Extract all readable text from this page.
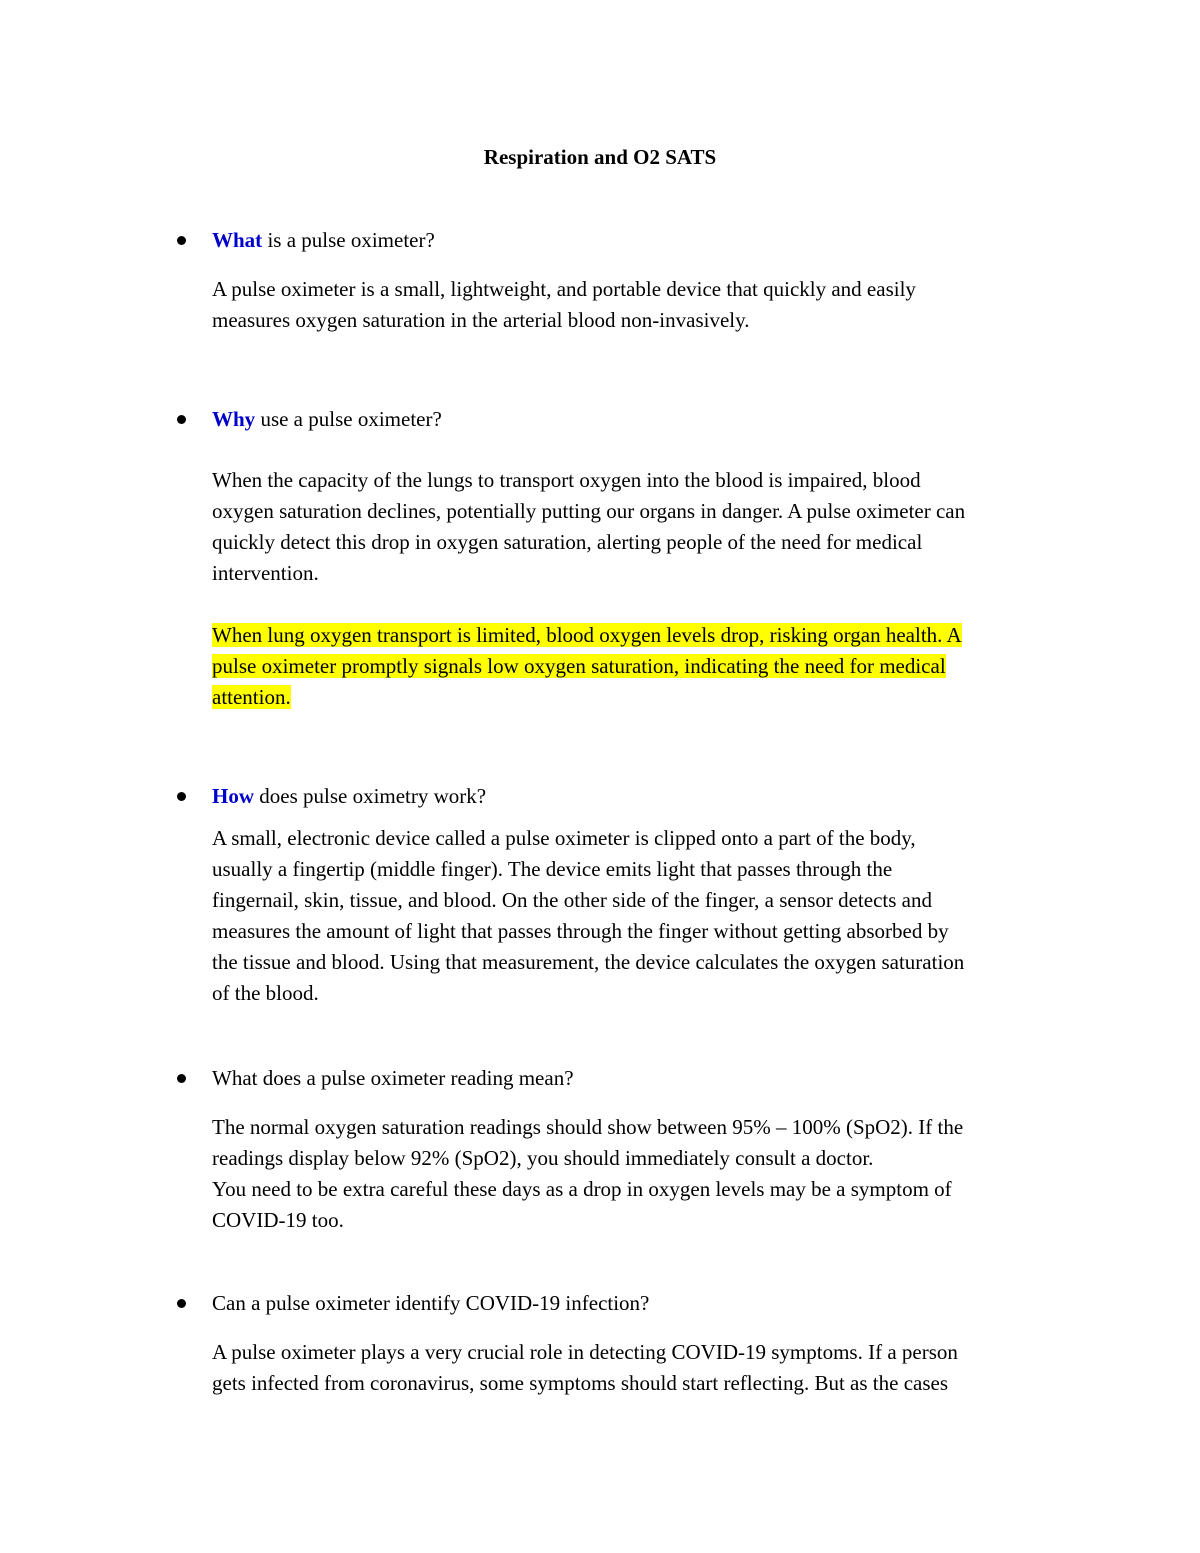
Respiration and O2 SATS
What is a pulse oximeter?
A pulse oximeter is a small, lightweight, and portable device that quickly and easily
measures oxygen saturation in the arterial blood non-invasively.
Why use a pulse oximeter?
When the capacity of the lungs to transport oxygen into the blood is impaired, blood
oxygen saturation declines, potentially putting our organs in danger. A pulse oximeter can
quickly detect this drop in oxygen saturation, alerting people of the need for medical
intervention.
When lung oxygen transport is limited, blood oxygen levels drop, risking organ health. A
pulse oximeter promptly signals low oxygen saturation, indicating the need for medical
attention.
How does pulse oximetry work?
A small, electronic device called a pulse oximeter is clipped onto a part of the body,
usually a fingertip (middle finger). The device emits light that passes through the
fingernail, skin, tissue, and blood. On the other side of the finger, a sensor detects and
measures the amount of light that passes through the finger without getting absorbed by
the tissue and blood. Using that measurement, the device calculates the oxygen saturation
of the blood.
What does a pulse oximeter reading mean?
The normal oxygen saturation readings should show between 95% – 100% (SpO2). If the
readings display below 92% (SpO2), you should immediately consult a doctor.
You need to be extra careful these days as a drop in oxygen levels may be a symptom of
COVID-19 too.
Can a pulse oximeter identify COVID-19 infection?
A pulse oximeter plays a very crucial role in detecting COVID-19 symptoms. If a person
gets infected from coronavirus, some symptoms should start reflecting. But as the cases
